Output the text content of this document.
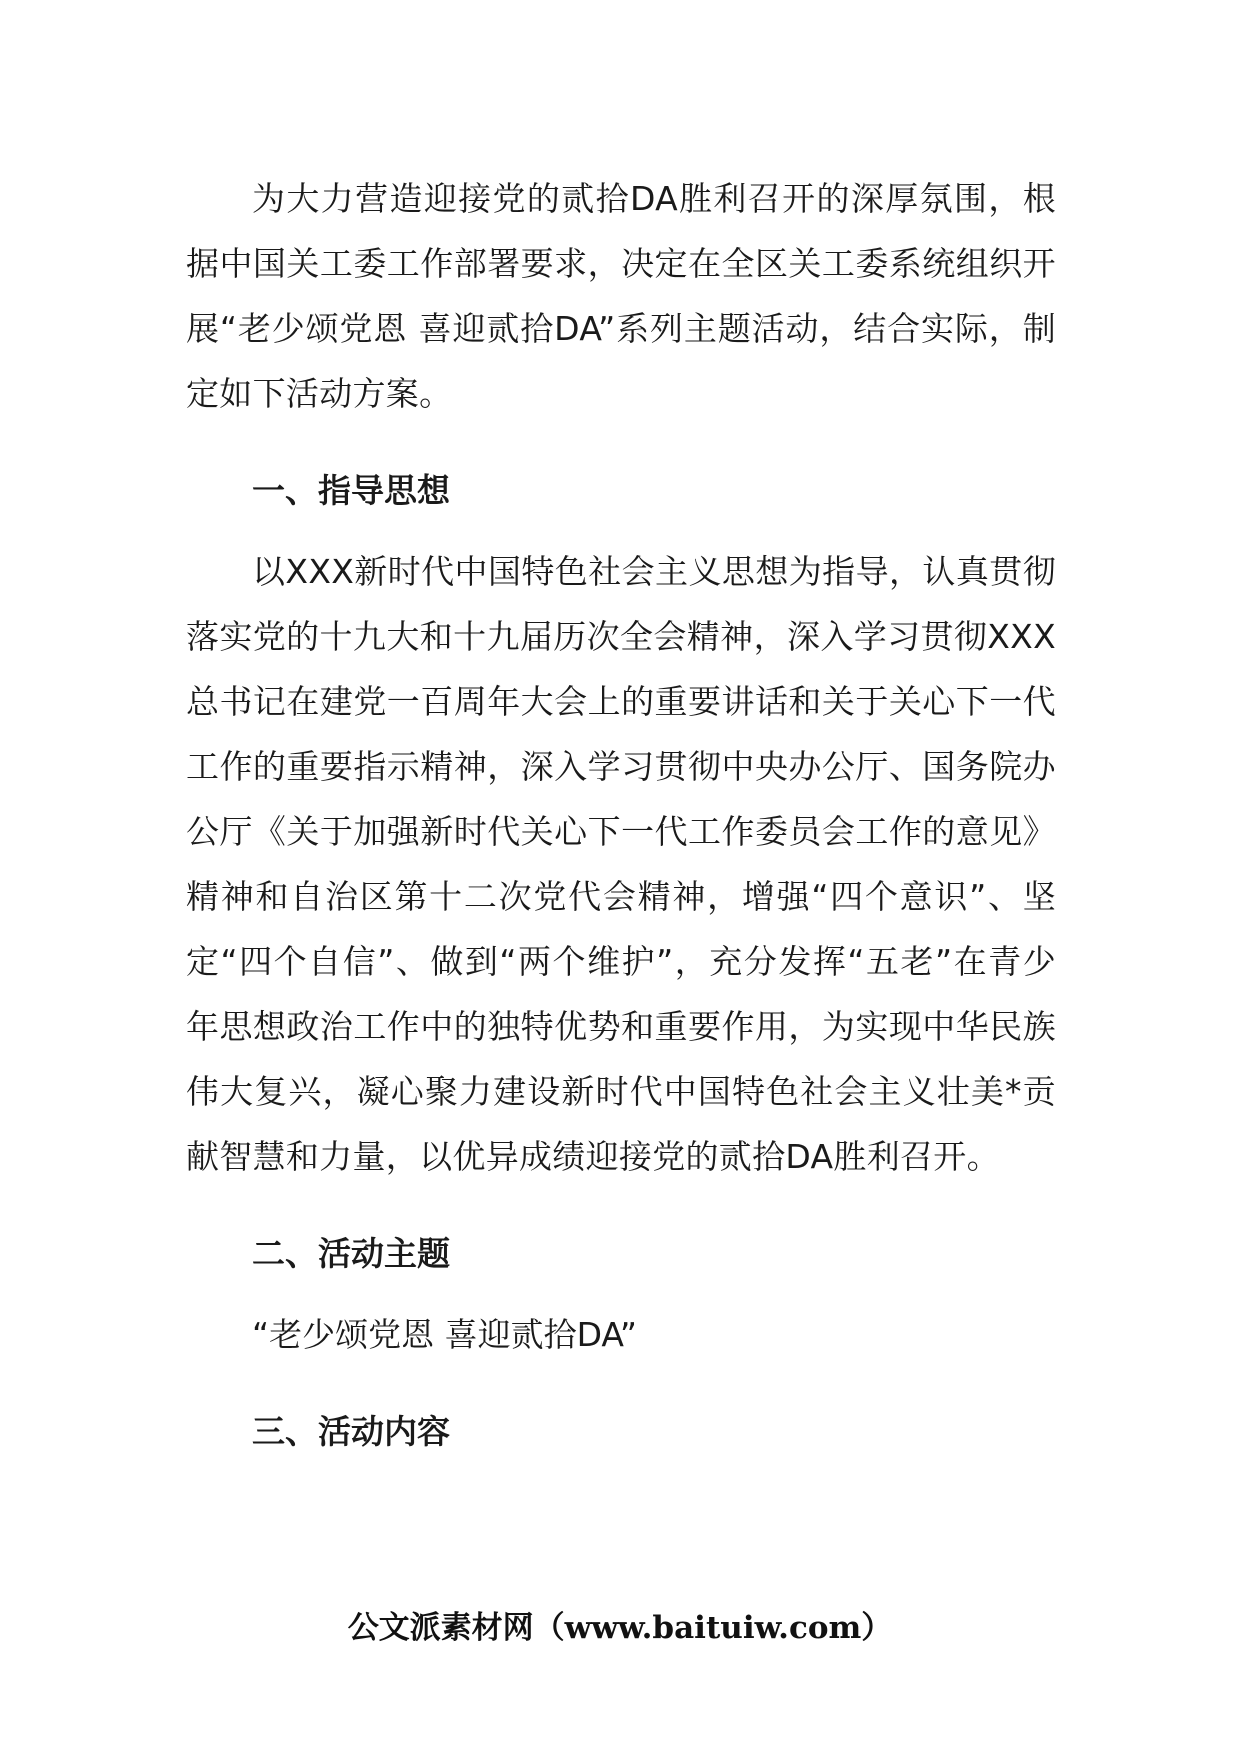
为大力营造迎接党的贰拾DA胜利召开的深厚氛围，根据中国关工委工作部署要求，决定在全区关工委系统组织开展“老少颂党恩 喜迎贰拾DA”系列主题活动，结合实际，制定如下活动方案。

一、指导思想

以XXX新时代中国特色社会主义思想为指导，认真贯彻落实党的十九大和十九届历次全会精神，深入学习贯彻XXX总书记在建党一百周年大会上的重要讲话和关于关心下一代工作的重要指示精神，深入学习贯彻中央办公厅、国务院办公厅《关于加强新时代关心下一代工作委员会工作的意见》精神和自治区第十二次党代会精神，增强“四个意识”、坚定“四个自信”、做到“两个维护”，充分发挥“五老”在青少年思想政治工作中的独特优势和重要作用，为实现中华民族伟大复兴，凝心聚力建设新时代中国特色社会主义壮美*贡献智慧和力量，以优异成绩迎接党的贰拾DA胜利召开。

二、活动主题

“老少颂党恩 喜迎贰拾DA”

三、活动内容

公文派素材网（www.baituiw.com）
